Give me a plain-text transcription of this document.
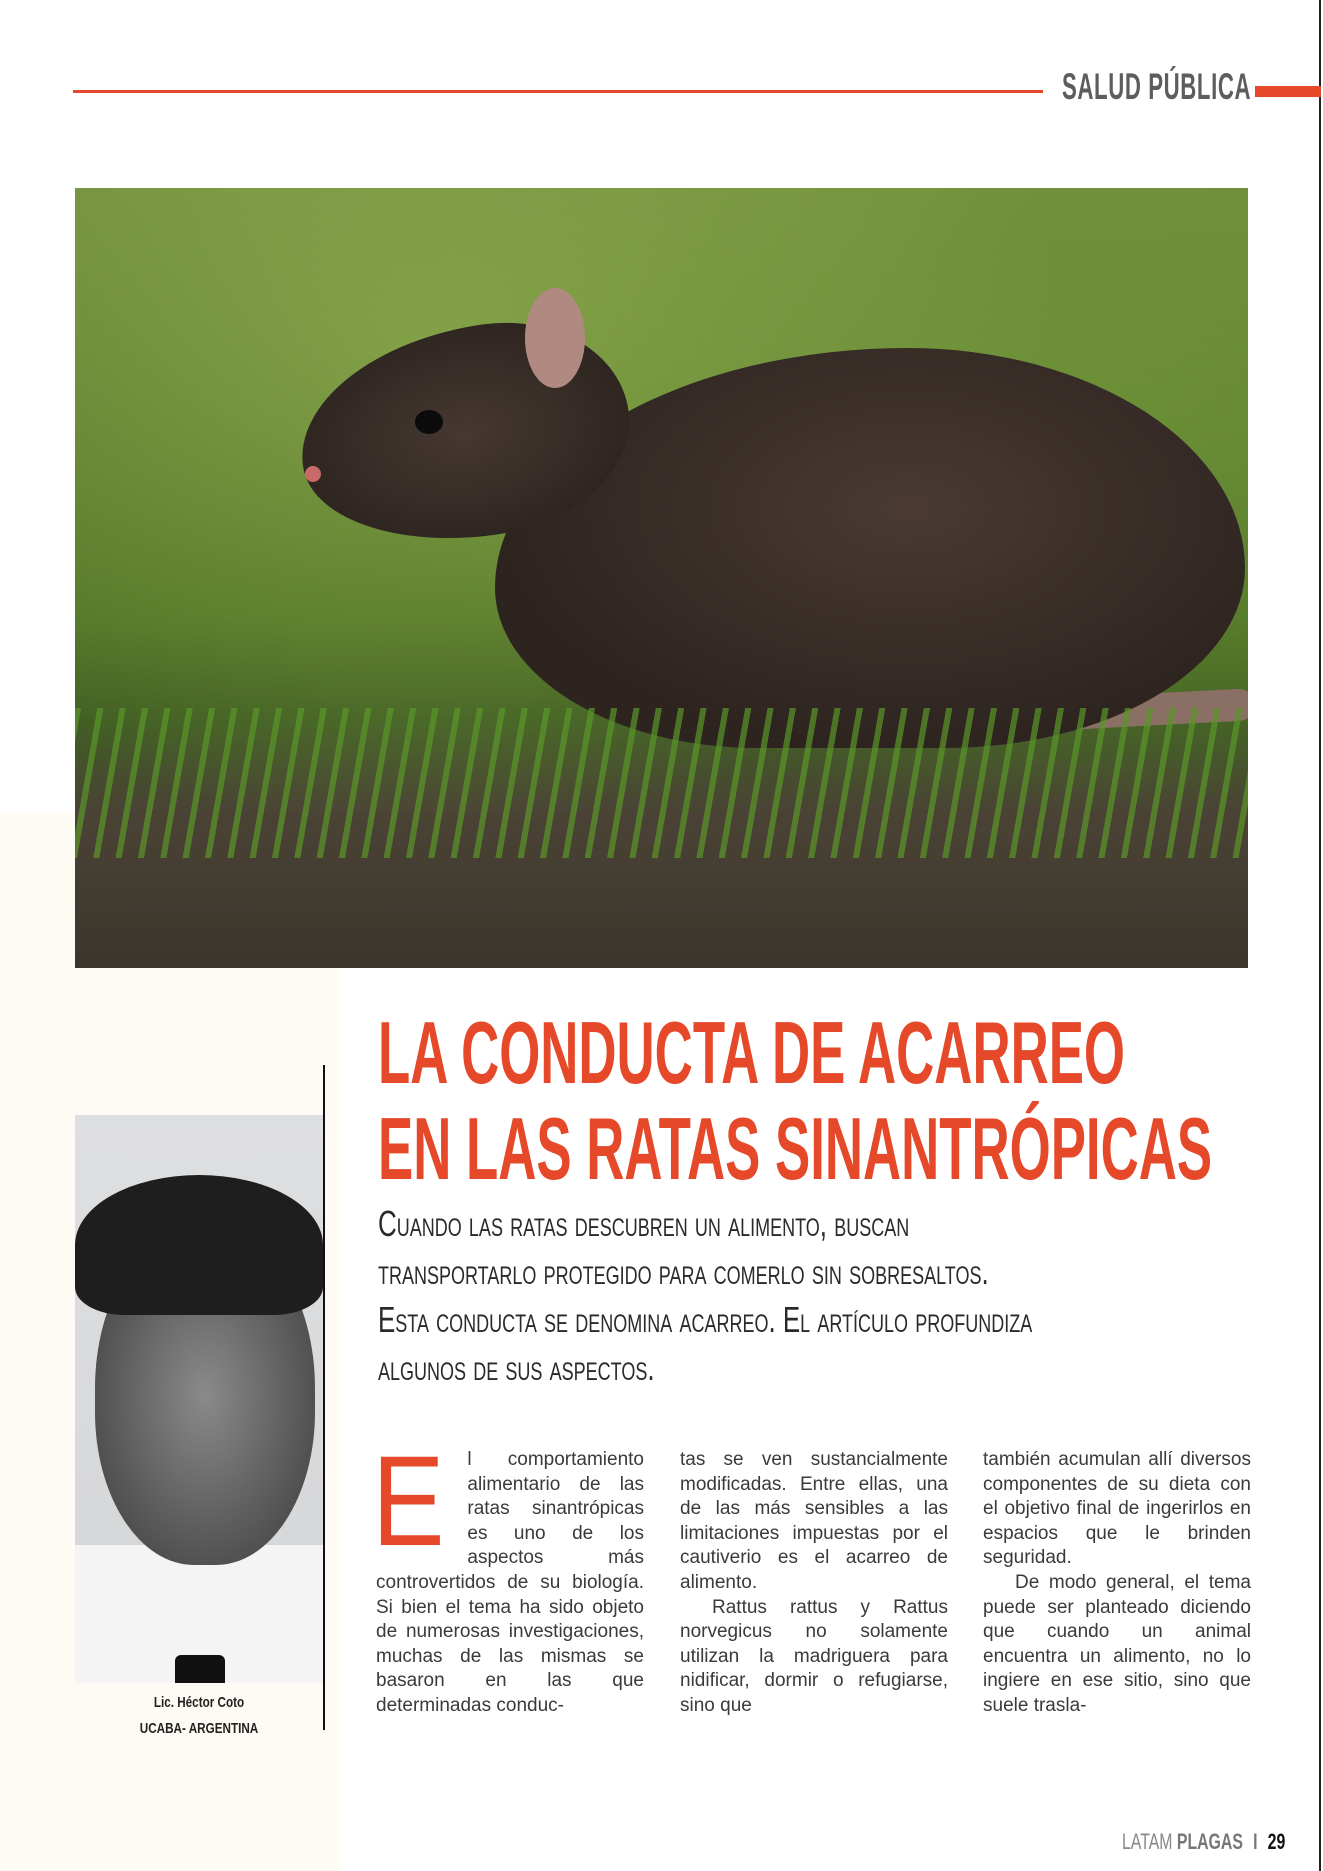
SALUD PÚBLICA
LA CONDUCTA DE ACARREO
EN LAS RATAS SINANTRÓPICAS
Cuando las ratas descubren un alimento, buscan
transportarlo protegido para comerlo sin sobresaltos.
Esta conducta se denomina acarreo. El artículo profundiza
algunos de sus aspectos.
Lic. Héctor Coto
UCABA- ARGENTINA
E	l comportamiento alimentario de las ratas sinantrópicas es uno de los aspectos más controvertidos de su biología. Si bien el tema ha sido objeto de numerosas investigaciones, muchas de las mismas se basaron en las que determinadas conduc-

tas se ven sustancialmente modificadas. Entre ellas, una de las más sensibles a las limitaciones impuestas por el cautiverio es el acarreo de alimento.

Rattus rattus y Rattus norvegicus no solamente utilizan la madriguera para nidificar, dormir o refugiarse, sino que

también acumulan allí diversos componentes de su dieta con el objetivo final de ingerirlos en espacios que le brinden seguridad.

De modo general, el tema puede ser planteado diciendo que cuando un animal encuentra un alimento, no lo ingiere en ese sitio, sino que suele trasla-

LATAM PLAGAS I 29
